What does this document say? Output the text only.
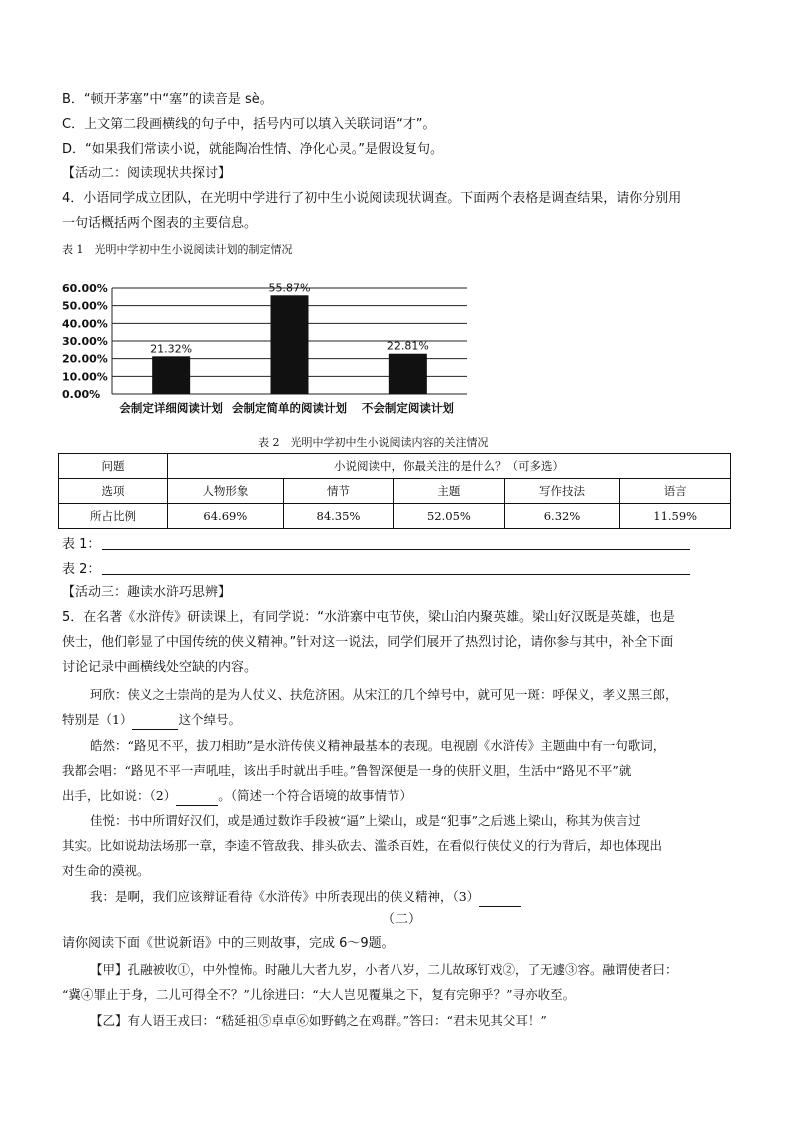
B．“顿开茅塞”中“塞”的读音是 sè。
C．上文第二段画横线的句子中，括号内可以填入关联词语“才”。
D．“如果我们常读小说，就能陶冶性情、净化心灵。”是假设复句。
【活动二：阅读现状共探讨】
4．小语同学成立团队，在光明中学进行了初中生小说阅读现状调查。下面两个表格是调查结果，请你分别用
一句话概括两个图表的主要信息。
表 1　光明中学初中生小说阅读计划的制定情况
0.00%
10.00%
20.00%
30.00%
40.00%
50.00%
60.00%
21.32%
会制定详细阅读计划
55.87%
会制定简单的阅读计划
22.81%
不会制定阅读计划
表 2　光明中学初中生小说阅读内容的关注情况
问题	小说阅读中，你最关注的是什么？（可多选）				
选项	人物形象	情节	主题	写作技法	语言
所占比例	64.69%	84.35%	52.05%	6.32%	11.59%
表 1：
表 2：
【活动三：趣读水浒巧思辨】
5．在名著《水浒传》研读课上，有同学说：“水浒寨中屯节侠，梁山泊内聚英雄。梁山好汉既是英雄，也是
侠士，他们彰显了中国传统的侠义精神。”针对这一说法，同学们展开了热烈讨论，请你参与其中，补全下面
讨论记录中画横线处空缺的内容。
珂欣：侠义之士崇尚的是为人仗义、扶危济困。从宋江的几个绰号中，就可见一斑：呼保义，孝义黑三郎，
特别是（1）	这个绰号。
皓然：“路见不平，拔刀相助”是水浒传侠义精神最基本的表现。电视剧《水浒传》主题曲中有一句歌词，
我都会唱：“路见不平一声吼哇，该出手时就出手哇。”鲁智深便是一身的侠肝义胆，生活中“路见不平”就
出手，比如说：（2）	。（简述一个符合语境的故事情节）
佳悦：书中所谓好汉们，或是通过数诈手段被“逼”上梁山，或是“犯事”之后逃上梁山，称其为侠言过
其实。比如说劫法场那一章，李逵不管敌我、排头砍去、滥杀百姓，在看似行侠仗义的行为背后，却也体现出
对生命的漠视。
我：是啊，我们应该辩证看待《水浒传》中所表现出的侠义精神，（3）
（二）
请你阅读下面《世说新语》中的三则故事，完成 6～9题。
【甲】孔融被收①，中外惶怖。时融儿大者九岁，小者八岁，二儿故琢钉戏②，了无遽③容。融谓使者曰：
“冀④罪止于身，二儿可得全不？”儿徐进曰：“大人岂见覆巢之下，复有完卵乎？”寻亦收至。
【乙】有人语王戎曰：“嵇延祖⑤卓卓⑥如野鹤之在鸡群。”答曰：“君未见其父耳！”
